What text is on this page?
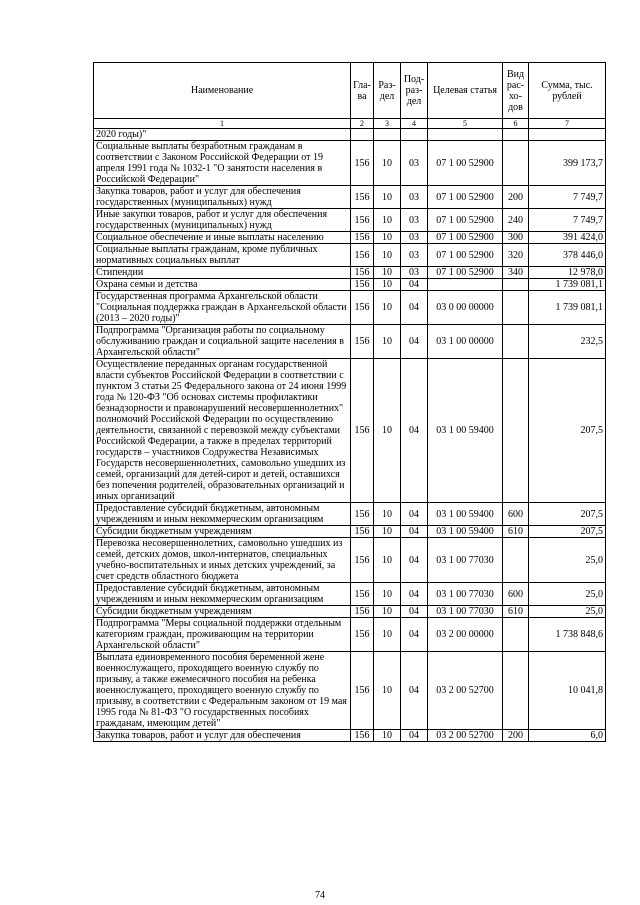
Наименование	Гла-ва	Раз-дел	Под-раз-дел	Целевая статья	Вид рас-хо-дов	Сумма, тыс. рублей
1	2	3	4	5	6	7
2020 годы)"						
Социальные выплаты безработным гражданам в соответствии с Законом Российской Федерации от 19 апреля 1991 года № 1032-1 "О занятости населения в Российской Федерации"	156	10	03	07 1 00 52900		399 173,7
Закупка товаров, работ и услуг для обеспечения государственных (муниципальных) нужд	156	10	03	07 1 00 52900	200	7 749,7
Иные закупки товаров, работ и услуг для обеспечения государственных (муниципальных) нужд	156	10	03	07 1 00 52900	240	7 749,7
Социальное обеспечение и иные выплаты населению	156	10	03	07 1 00 52900	300	391 424,0
Социальные выплаты гражданам, кроме публичных нормативных социальных выплат	156	10	03	07 1 00 52900	320	378 446,0
Стипендии	156	10	03	07 1 00 52900	340	12 978,0
Охрана семьи и детства	156	10	04			1 739 081,1
Государственная программа Архангельской области "Социальная поддержка граждан в Архангельской области (2013 – 2020 годы)"	156	10	04	03 0 00 00000		1 739 081,1
Подпрограмма "Организация работы по социальному обслуживанию граждан и социальной защите населения в Архангельской области"	156	10	04	03 1 00 00000		232,5
Осуществление переданных органам государственной власти субъектов Российской Федерации в соответствии с пунктом 3 статьи 25 Федерального закона от 24 июня 1999 года № 120-ФЗ "Об основах системы профилактики безнадзорности и правонарушений несовершеннолетних" полномочий Российской Федерации по осуществлению деятельности, связанной с перевозкой между субъектами Российской Федерации, а также в пределах территорий государств – участников Содружества Независимых Государств несовершеннолетних, самовольно ушедших из семей, организаций для детей-сирот и детей, оставшихся без попечения родителей, образовательных организаций и иных организаций	156	10	04	03 1 00 59400		207,5
Предоставление субсидий бюджетным, автономным учреждениям и иным некоммерческим организациям	156	10	04	03 1 00 59400	600	207,5
Субсидии бюджетным учреждениям	156	10	04	03 1 00 59400	610	207,5
Перевозка несовершеннолетних, самовольно ушедших из семей, детских домов, школ-интернатов, специальных учебно-воспитательных и иных детских учреждений, за счет средств областного бюджета	156	10	04	03 1 00 77030		25,0
Предоставление субсидий бюджетным, автономным учреждениям и иным некоммерческим организациям	156	10	04	03 1 00 77030	600	25,0
Субсидии бюджетным учреждениям	156	10	04	03 1 00 77030	610	25,0
Подпрограмма "Меры социальной поддержки отдельным категориям граждан, проживающим на территории Архангельской области"	156	10	04	03 2 00 00000		1 738 848,6
Выплата единовременного пособия беременной жене военнослужащего, проходящего военную службу по призыву, а также ежемесячного пособия на ребенка военнослужащего, проходящего военную службу по призыву, в соответствии с Федеральным законом от 19 мая 1995 года № 81-ФЗ "О государственных пособиях гражданам, имеющим детей"	156	10	04	03 2 00 52700		10 041,8
Закупка товаров, работ и услуг для обеспечения	156	10	04	03 2 00 52700	200	6,0
74
